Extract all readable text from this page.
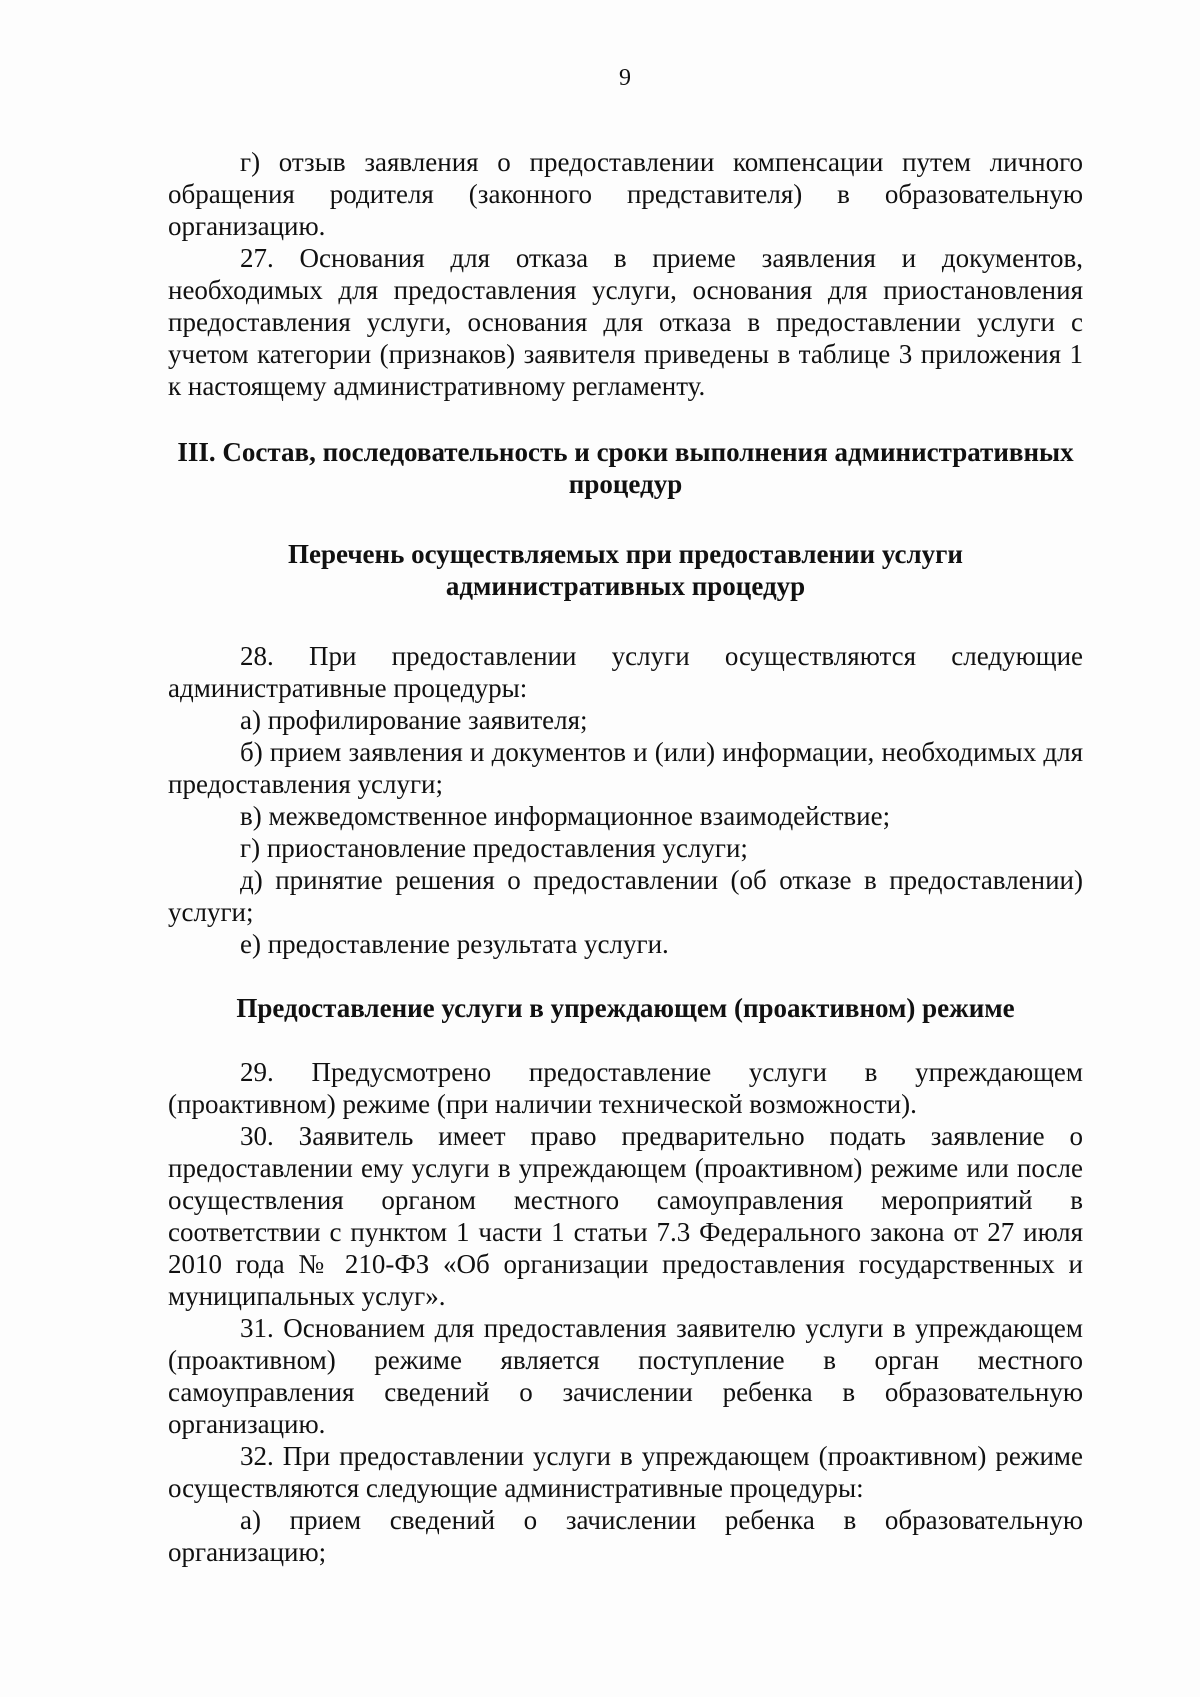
9

г) отзыв заявления о предоставлении компенсации путем личного обращения родителя (законного представителя) в образовательную организацию.

27. Основания для отказа в приеме заявления и документов, необходимых для предоставления услуги, основания для приостановления предоставления услуги, основания для отказа в предоставлении услуги с учетом категории (признаков) заявителя приведены в таблице 3 приложения 1 к настоящему административному регламенту.

III. Состав, последовательность и сроки выполнения административных процедур

Перечень осуществляемых при предоставлении услуги административных процедур

28. При предоставлении услуги осуществляются следующие административные процедуры:

а) профилирование заявителя;

б) прием заявления и документов и (или) информации, необходимых для предоставления услуги;

в) межведомственное информационное взаимодействие;

г) приостановление предоставления услуги;

д) принятие решения о предоставлении (об отказе в предоставлении) услуги;

е) предоставление результата услуги.

Предоставление услуги в упреждающем (проактивном) режиме

29. Предусмотрено предоставление услуги в упреждающем (проактивном) режиме (при наличии технической возможности).

30. Заявитель имеет право предварительно подать заявление о предоставлении ему услуги в упреждающем (проактивном) режиме или после осуществления органом местного самоуправления мероприятий в соответствии с пунктом 1 части 1 статьи 7.3 Федерального закона от 27 июля 2010 года № 210-ФЗ «Об организации предоставления государственных и муниципальных услуг».

31. Основанием для предоставления заявителю услуги в упреждающем (проактивном) режиме является поступление в орган местного самоуправления сведений о зачислении ребенка в образовательную организацию.

32. При предоставлении услуги в упреждающем (проактивном) режиме осуществляются следующие административные процедуры:

а) прием сведений о зачислении ребенка в образовательную организацию;
